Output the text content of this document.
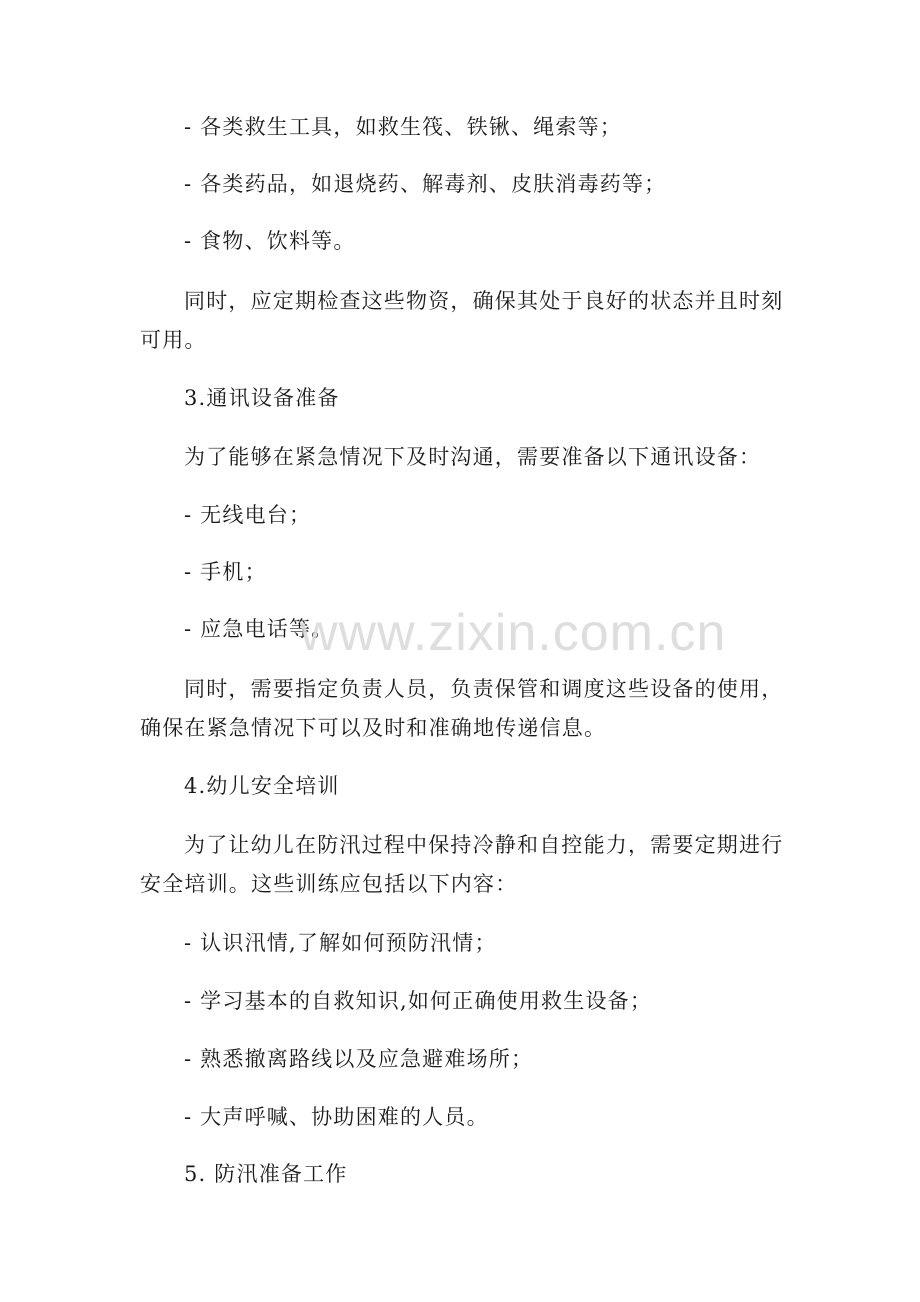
- 各类救生工具，如救生筏、铁锹、绳索等；
- 各类药品，如退烧药、解毒剂、皮肤消毒药等；
- 食物、饮料等。
同时，应定期检查这些物资，确保其处于良好的状态并且时刻
可用。
3.通讯设备准备
为了能够在紧急情况下及时沟通，需要准备以下通讯设备：
- 无线电台；
- 手机；
- 应急电话等。
同时，需要指定负责人员，负责保管和调度这些设备的使用，
确保在紧急情况下可以及时和准确地传递信息。
4.幼儿安全培训
为了让幼儿在防汛过程中保持冷静和自控能力，需要定期进行
安全培训。这些训练应包括以下内容：
- 认识汛情,了解如何预防汛情；
- 学习基本的自救知识,如何正确使用救生设备；
- 熟悉撤离路线以及应急避难场所；
- 大声呼喊、协助困难的人员。
5. 防汛准备工作
www.zixin.com.cn
